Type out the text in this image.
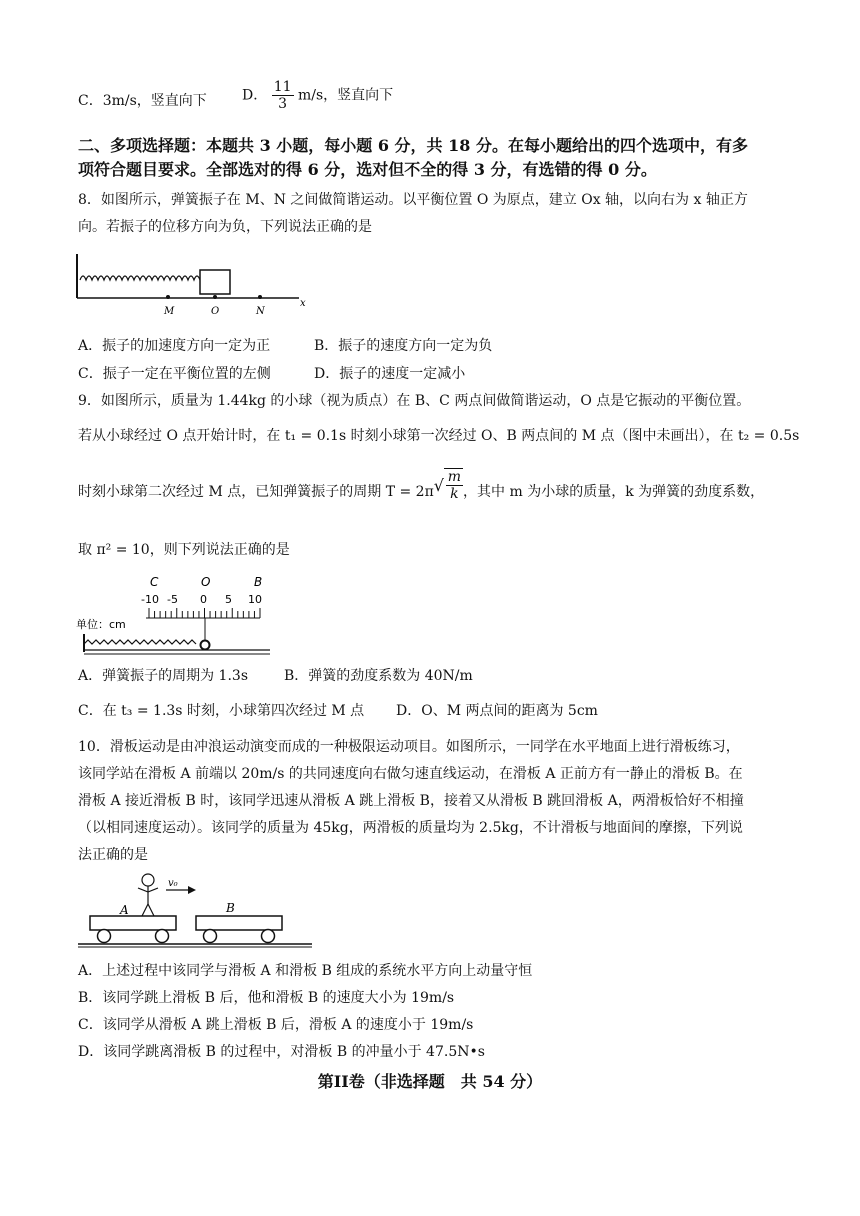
C．3m/s，竖直向下	D． $\frac{11}{3} m/s$，竖直向下
二、多项选择题：本题共 3 小题，每小题 6 分，共 18 分。在每小题给出的四个选项中，有多
项符合题目要求。全部选对的得 6 分，选对但不全的得 3 分，有选错的得 0 分。
8．如图所示，弹簧振子在 M、N 之间做简谐运动。以平衡位置 O 为原点，建立 Ox 轴，以向右为 x 轴正方
向。若振子的位移方向为负，下列说法正确的是
M	O	N
x
A．振子的加速度方向一定为正	B．振子的速度方向一定为负
C．振子一定在平衡位置的左侧	D．振子的速度一定减小
9．如图所示，质量为 1.44kg 的小球（视为质点）在 B、C 两点间做简谐运动，O 点是它振动的平衡位置。
若从小球经过 O 点开始计时，在 t₁ = 0.1s 时刻小球第一次经过 O、B 两点间的 M 点（图中未画出），在 t₂ = 0.5s
时刻小球第二次经过 M 点，已知弹簧振子的周期 T = 2π √ $\frac{m}{k}$ ，其中 m 为小球的质量，k 为弹簧的劲度系数，
取 π² = 10，则下列说法正确的是
C	O	B
-10 -5 0 5 10
单位：cm
A．弹簧振子的周期为 1.3s	B．弹簧的劲度系数为 40N/m
C．在 t₃ = 1.3s 时刻，小球第四次经过 M 点 D．O、M 两点间的距离为 5cm
10．滑板运动是由冲浪运动演变而成的一种极限运动项目。如图所示，一同学在水平地面上进行滑板练习，
该同学站在滑板 A 前端以 20m/s 的共同速度向右做匀速直线运动，在滑板 A 正前方有一静止的滑板 B。在
滑板 A 接近滑板 B 时，该同学迅速从滑板 A 跳上滑板 B，接着又从滑板 B 跳回滑板 A，两滑板恰好不相撞
（以相同速度运动）。该同学的质量为 45kg，两滑板的质量均为 2.5kg，不计滑板与地面间的摩擦，下列说
法正确的是
v₀
A	B
A．上述过程中该同学与滑板 A 和滑板 B 组成的系统水平方向上动量守恒
B．该同学跳上滑板 B 后，他和滑板 B 的速度大小为 19m/s
C．该同学从滑板 A 跳上滑板 B 后，滑板 A 的速度小于 19m/s
D．该同学跳离滑板 B 的过程中，对滑板 B 的冲量小于 47.5N•s
第II卷（非选择题　共 54 分）
